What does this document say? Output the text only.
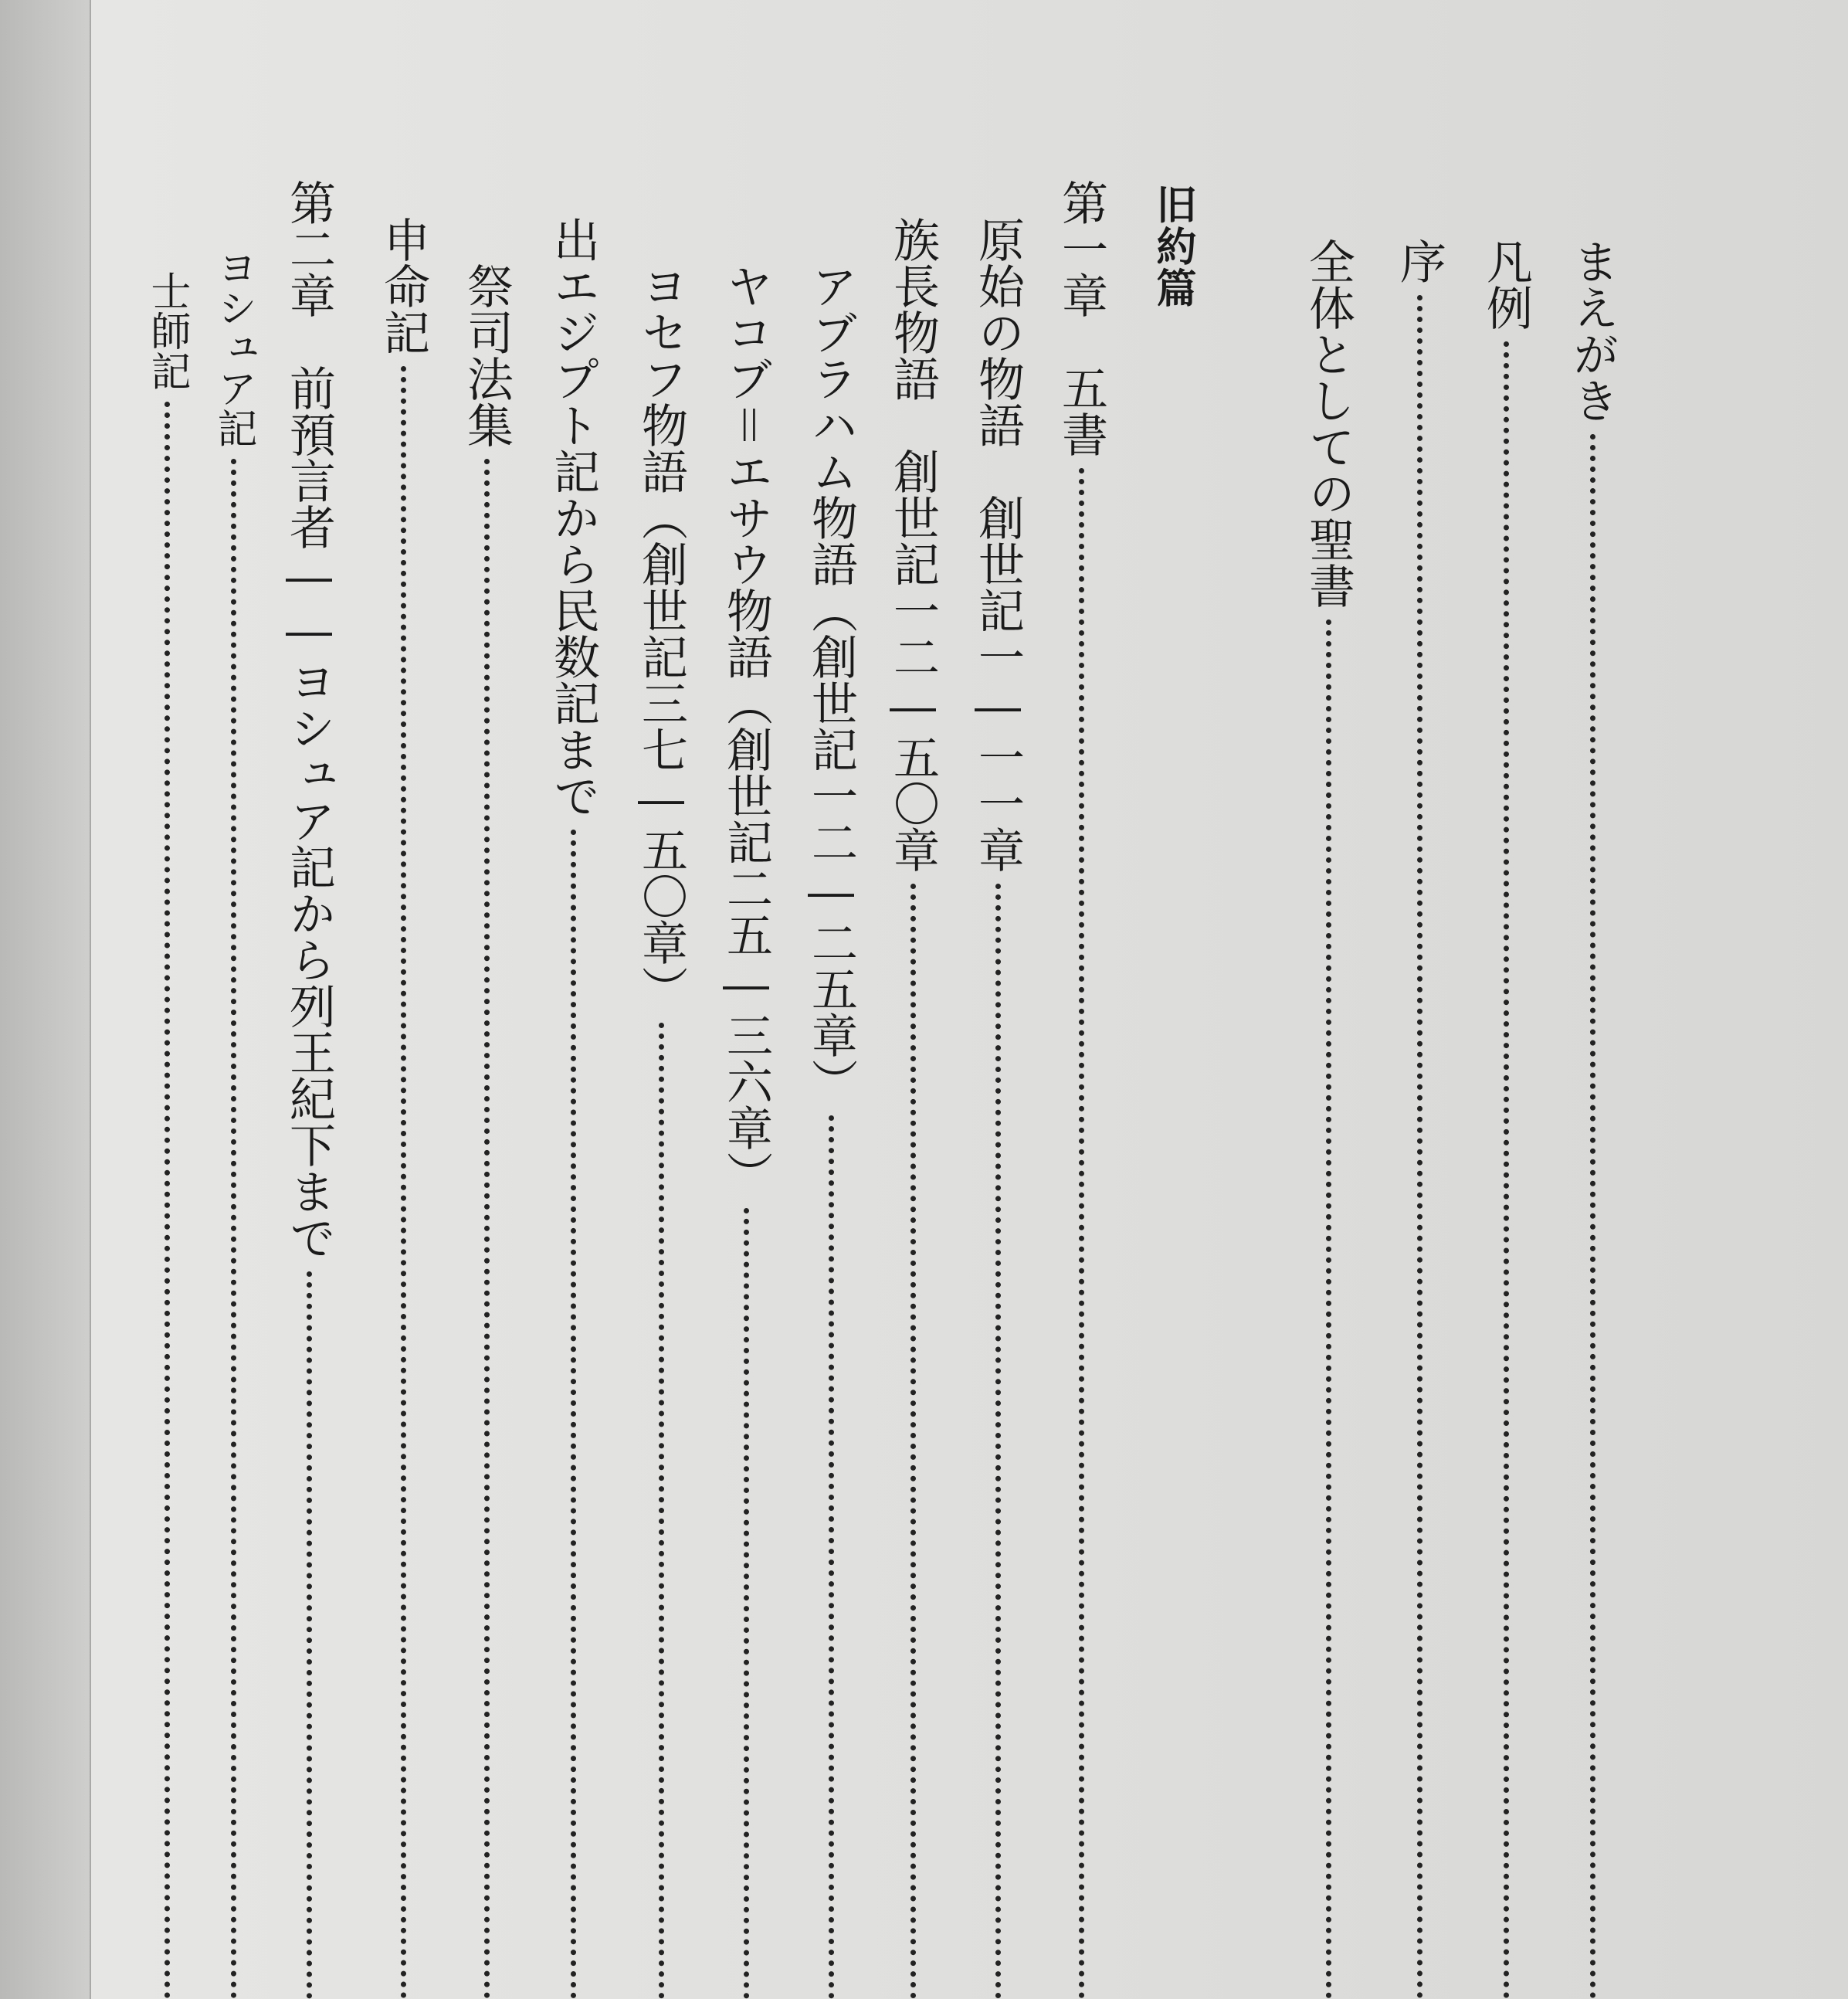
まえがき
凡例
序
全体としての聖書
旧約篇
第一章　五書
原始の物語　創世記一―一一章
族長物語　創世記一二―五〇章
アブラハム物語（創世記一二―二五章）
ヤコブ＝エサウ物語（創世記二五―三六章）
ヨセフ物語（創世記三七―五〇章）
出エジプト記から民数記まで
祭司法集
申命記
第二章　前預言者――ヨシュア記から列王紀下まで
ヨシュア記
士師記
